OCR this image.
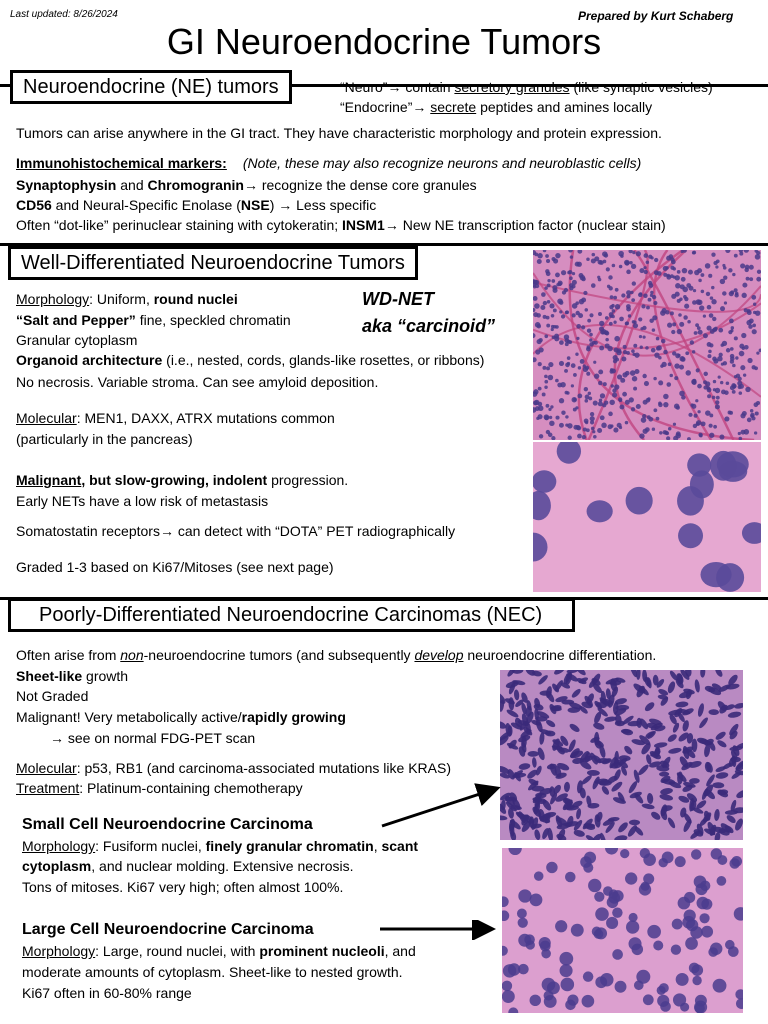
Last updated: 8/26/2024	Prepared by Kurt Schaberg
GI Neuroendocrine Tumors
Neuroendocrine (NE) tumors	“Neuro”→ contain secretory granules (like synaptic vesicles)
“Endocrine”→ secrete peptides and amines locally
Tumors can arise anywhere in the GI tract. They have characteristic morphology and protein expression.
Immunohistochemical markers: (Note, these may also recognize neurons and neuroblastic cells)
Synaptophysin and Chromogranin→ recognize the dense core granules
CD56 and Neural-Specific Enolase (NSE) → Less specific
Often “dot-like” perinuclear staining with cytokeratin; INSM1→ New NE transcription factor (nuclear stain)
Well-Differentiated Neuroendocrine Tumors
WD-NET
aka “carcinoid”
Morphology: Uniform, round nuclei
“Salt and Pepper” fine, speckled chromatin
Granular cytoplasm
Organoid architecture (i.e., nested, cords, glands-like rosettes, or ribbons)
No necrosis. Variable stroma. Can see amyloid deposition.
Molecular: MEN1, DAXX, ATRX mutations common
(particularly in the pancreas)
Malignant, but slow-growing, indolent progression.
Early NETs have a low risk of metastasis
Somatostatin receptors→ can detect with “DOTA” PET radiographically
Graded 1-3 based on Ki67/Mitoses (see next page)
Poorly-Differentiated Neuroendocrine Carcinomas (NEC)
Often arise from non-neuroendocrine tumors (and subsequently develop neuroendocrine differentiation.
Sheet-like growth
Not Graded
Malignant! Very metabolically active/rapidly growing
→ see on normal FDG-PET scan
Molecular: p53, RB1 (and carcinoma-associated mutations like KRAS)
Treatment: Platinum-containing chemotherapy
Small Cell Neuroendocrine Carcinoma
Morphology: Fusiform nuclei, finely granular chromatin, scant
cytoplasm, and nuclear molding. Extensive necrosis.
Tons of mitoses. Ki67 very high; often almost 100%.
Large Cell Neuroendocrine Carcinoma
Morphology: Large, round nuclei, with prominent nucleoli, and
moderate amounts of cytoplasm. Sheet-like to nested growth.
Ki67 often in 60-80% range
